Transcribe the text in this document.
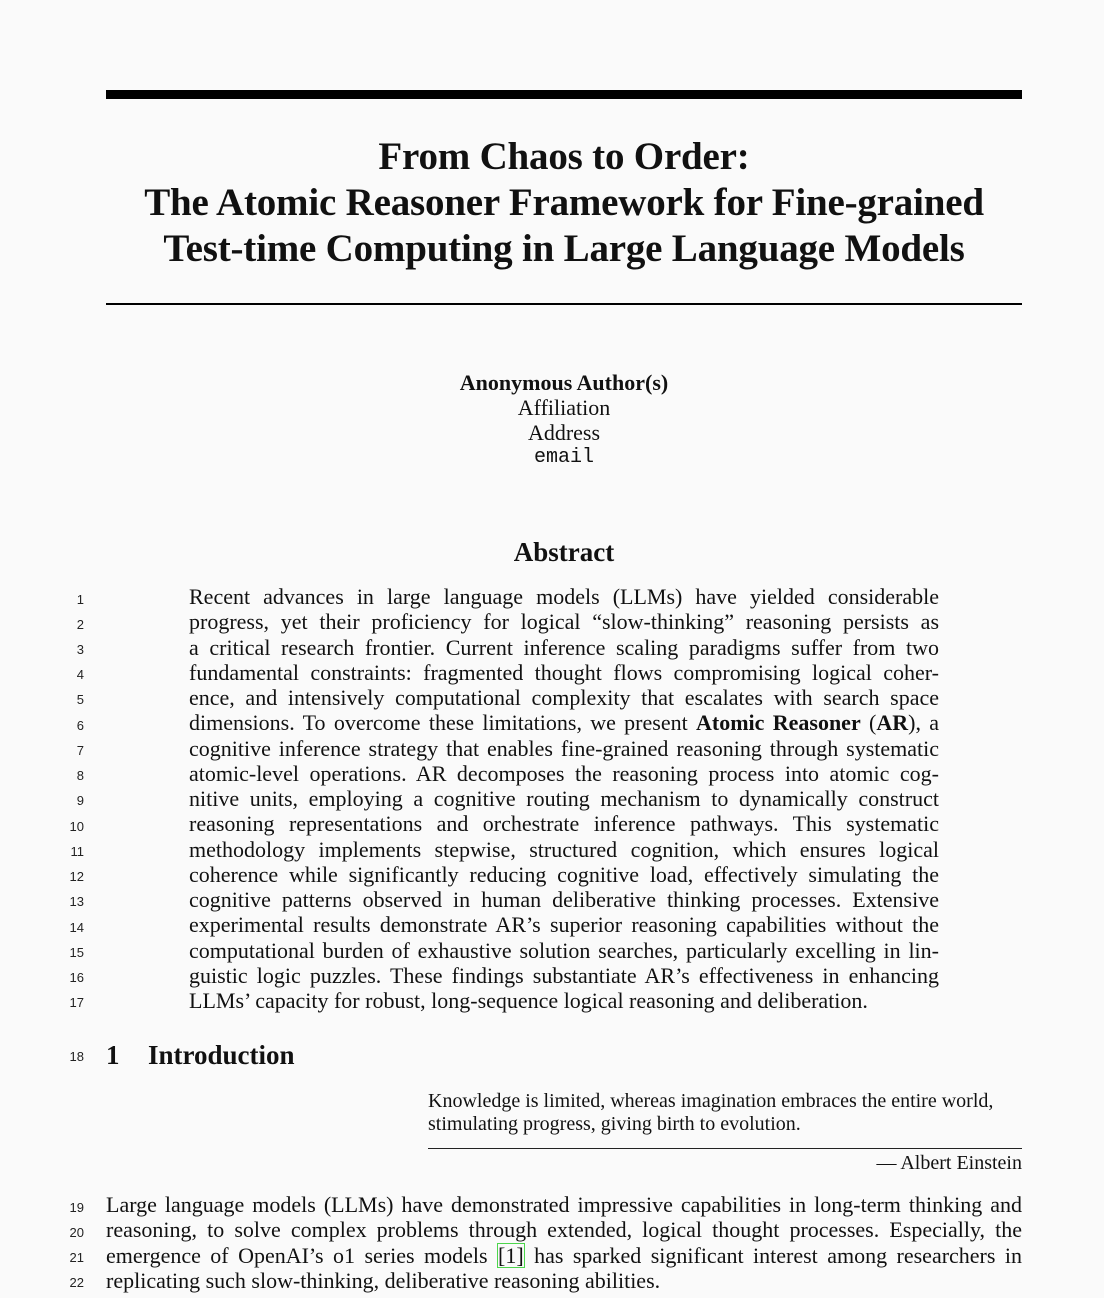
From Chaos to Order:
The Atomic Reasoner Framework for Fine-grained
Test-time Computing in Large Language Models
Anonymous Author(s)
Affiliation
Address
email
Abstract
1
2
3
4
5
6
7
8
9
10
11
12
13
14
15
16
17
Recent advances in large language models (LLMs) have yielded considerable
progress, yet their proficiency for logical “slow-thinking” reasoning persists as
a critical research frontier. Current inference scaling paradigms suffer from two
fundamental constraints: fragmented thought flows compromising logical coher-
ence, and intensively computational complexity that escalates with search space
dimensions. To overcome these limitations, we present Atomic Reasoner (AR), a
cognitive inference strategy that enables fine-grained reasoning through systematic
atomic-level operations. AR decomposes the reasoning process into atomic cog-
nitive units, employing a cognitive routing mechanism to dynamically construct
reasoning representations and orchestrate inference pathways. This systematic
methodology implements stepwise, structured cognition, which ensures logical
coherence while significantly reducing cognitive load, effectively simulating the
cognitive patterns observed in human deliberative thinking processes. Extensive
experimental results demonstrate AR’s superior reasoning capabilities without the
computational burden of exhaustive solution searches, particularly excelling in lin-
guistic logic puzzles. These findings substantiate AR’s effectiveness in enhancing
LLMs’ capacity for robust, long-sequence logical reasoning and deliberation.
18 1 Introduction
Knowledge is limited, whereas imagination embraces the entire world,
stimulating progress, giving birth to evolution.
— Albert Einstein
19
20
21
22
Large language models (LLMs) have demonstrated impressive capabilities in long-term thinking and
reasoning, to solve complex problems through extended, logical thought processes. Especially, the
emergence of OpenAI’s o1 series models [1] has sparked significant interest among researchers in
replicating such slow-thinking, deliberative reasoning abilities.
